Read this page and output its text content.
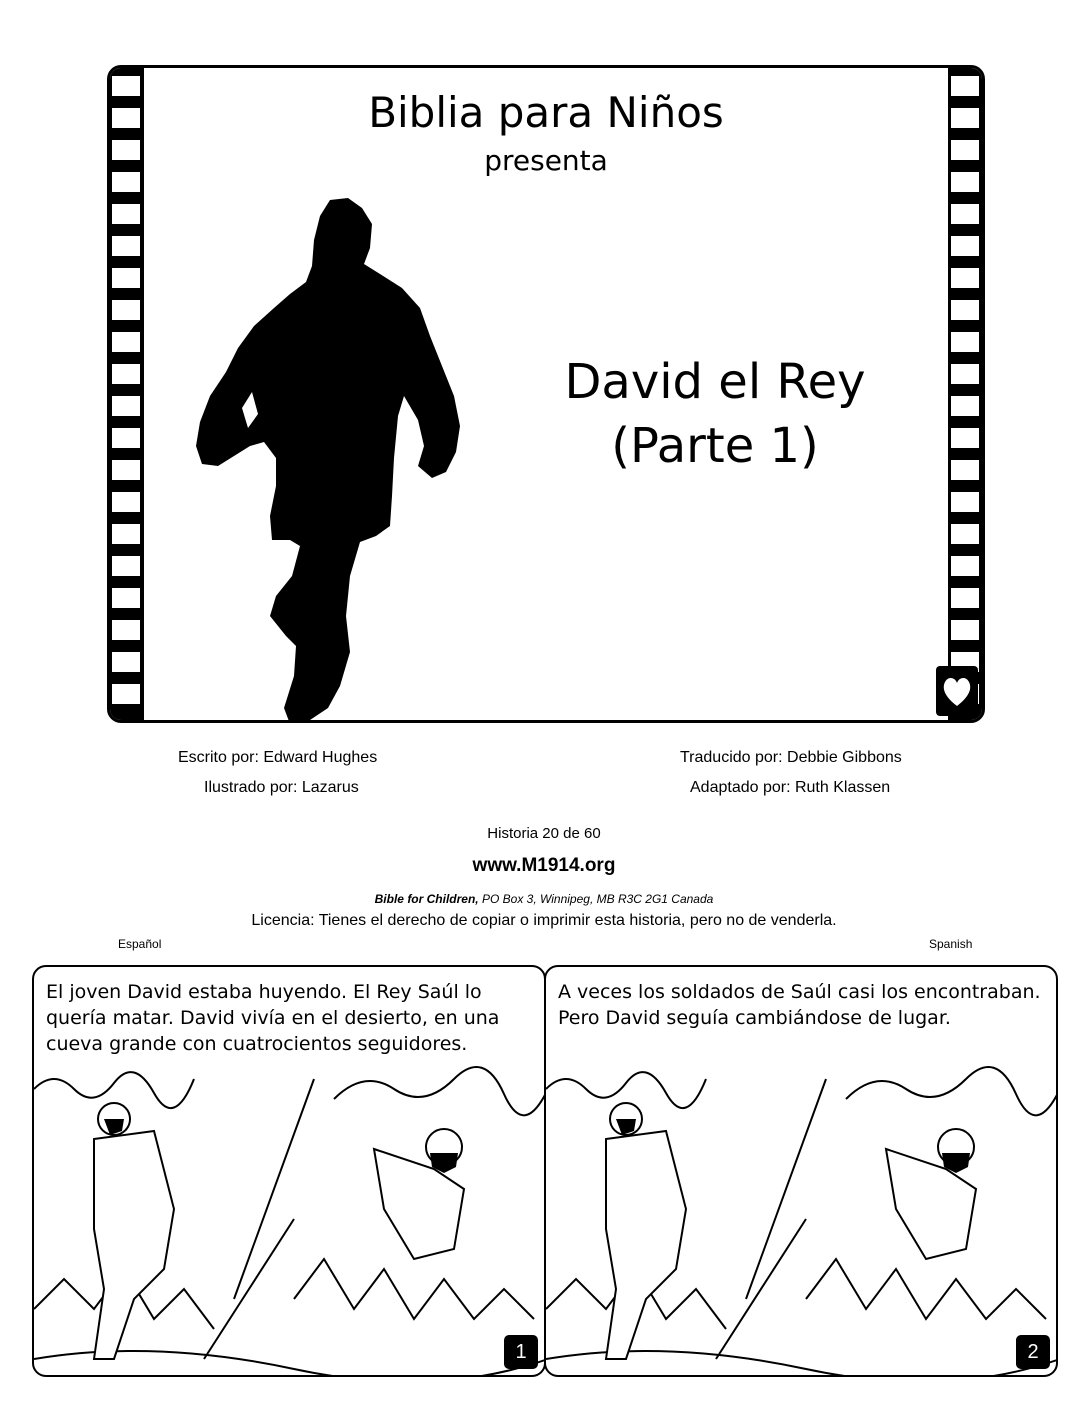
Biblia para Niños
presenta
David el Rey
(Parte 1)
Escrito por: Edward Hughes
Ilustrado por: Lazarus
Traducido por: Debbie Gibbons
Adaptado por: Ruth Klassen
Historia 20 de 60
www.M1914.org
Bible for Children, PO Box 3, Winnipeg, MB R3C 2G1 Canada
Licencia: Tienes el derecho de copiar o imprimir esta historia, pero no de venderla.
Español	Spanish
El joven David estaba huyendo. El Rey Saúl lo quería matar. David vivía en el desierto, en una cueva grande con cuatrocientos seguidores.
1
A veces los soldados de Saúl casi los encontraban. Pero David seguía cambiándose de lugar.
2
